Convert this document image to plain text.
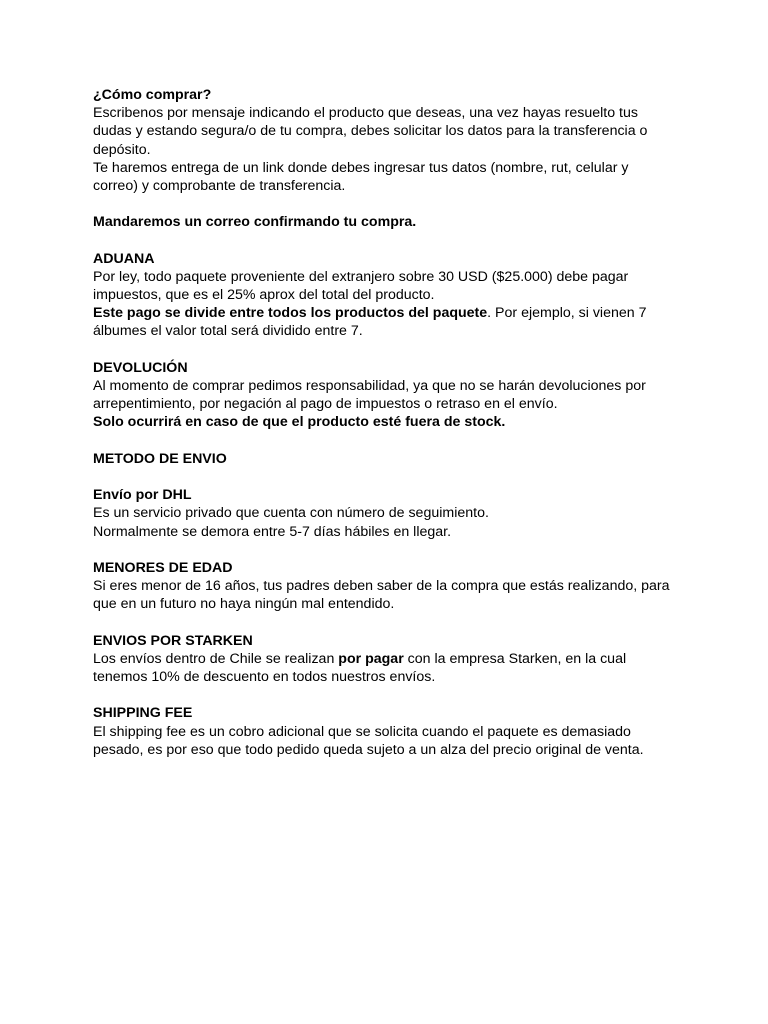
¿Cómo comprar?
Escribenos por mensaje indicando el producto que deseas, una vez hayas resuelto tus
dudas y estando segura/o de tu compra, debes solicitar los datos para la transferencia o
depósito.
Te haremos entrega de un link donde debes ingresar tus datos (nombre, rut, celular y
correo) y comprobante de transferencia.
Mandaremos un correo confirmando tu compra.
ADUANA
Por ley, todo paquete proveniente del extranjero sobre 30 USD ($25.000) debe pagar
impuestos, que es el 25% aprox del total del producto.
Este pago se divide entre todos los productos del paquete. Por ejemplo, si vienen 7
álbumes el valor total será dividido entre 7.
DEVOLUCIÓN
Al momento de comprar pedimos responsabilidad, ya que no se harán devoluciones por
arrepentimiento, por negación al pago de impuestos o retraso en el envío.
Solo ocurrirá en caso de que el producto esté fuera de stock.
METODO DE ENVIO
Envío por DHL
Es un servicio privado que cuenta con número de seguimiento.
Normalmente se demora entre 5-7 días hábiles en llegar.
MENORES DE EDAD
Si eres menor de 16 años, tus padres deben saber de la compra que estás realizando, para
que en un futuro no haya ningún mal entendido.
ENVIOS POR STARKEN
Los envíos dentro de Chile se realizan por pagar con la empresa Starken, en la cual
tenemos 10% de descuento en todos nuestros envíos.
SHIPPING FEE
El shipping fee es un cobro adicional que se solicita cuando el paquete es demasiado
pesado, es por eso que todo pedido queda sujeto a un alza del precio original de venta.
